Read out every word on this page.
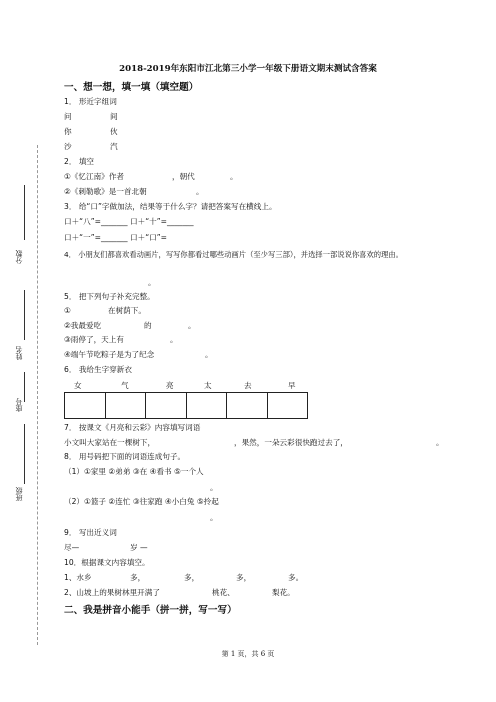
分数
姓名
座号
班级
2018-2019年东阳市江北第三小学一年级下册语文期末测试含答案
一、想一想，填一填（填空题）
1． 形近字组词
问	间
你	伙
沙	汽
2． 填空
①《忆江南》作者	，朝代	。
②《刺勒歌》是一首北朝	。
3． 给“口”字做加法，结果等于什么字？请把答案写在横线上。
口＋“八”=_______ 口＋“十”=_______
口＋“一”=_______ 口＋“口”=
4． 小朋友们都喜欢看动画片，写写你都看过哪些动画片（至少写三部），并选择一部说说你喜欢的理由。
。
5． 把下列句子补充完整。
①	在树荫下。
②我最爱吃	的	。
③雨停了，天上有	。
④端午节吃粽子是为了纪念	。
6． 我给生字穿新衣
女	气	亮	太	去	早

7． 按课文《月亮和云彩》内容填写词语
小文叫大家站在一棵树下，	，果然，一朵云彩很快跑过去了，	。
8． 用号码把下面的词语连成句子。
（1）①家里 ②弟弟 ③在 ④看书 ⑤一个人
。
（2）①篮子 ②连忙 ③往家跑 ④小白兔 ⑤拎起
。
9． 写出近义词
尽—	岁 —
10．根据课文内容填空。
1、水乡	多，	多，	多，	多。
2、山坡上的果树林里开满了	桃花、	梨花。
二、我是拼音小能手（拼一拼，写一写）
第 1 页，共 6 页
